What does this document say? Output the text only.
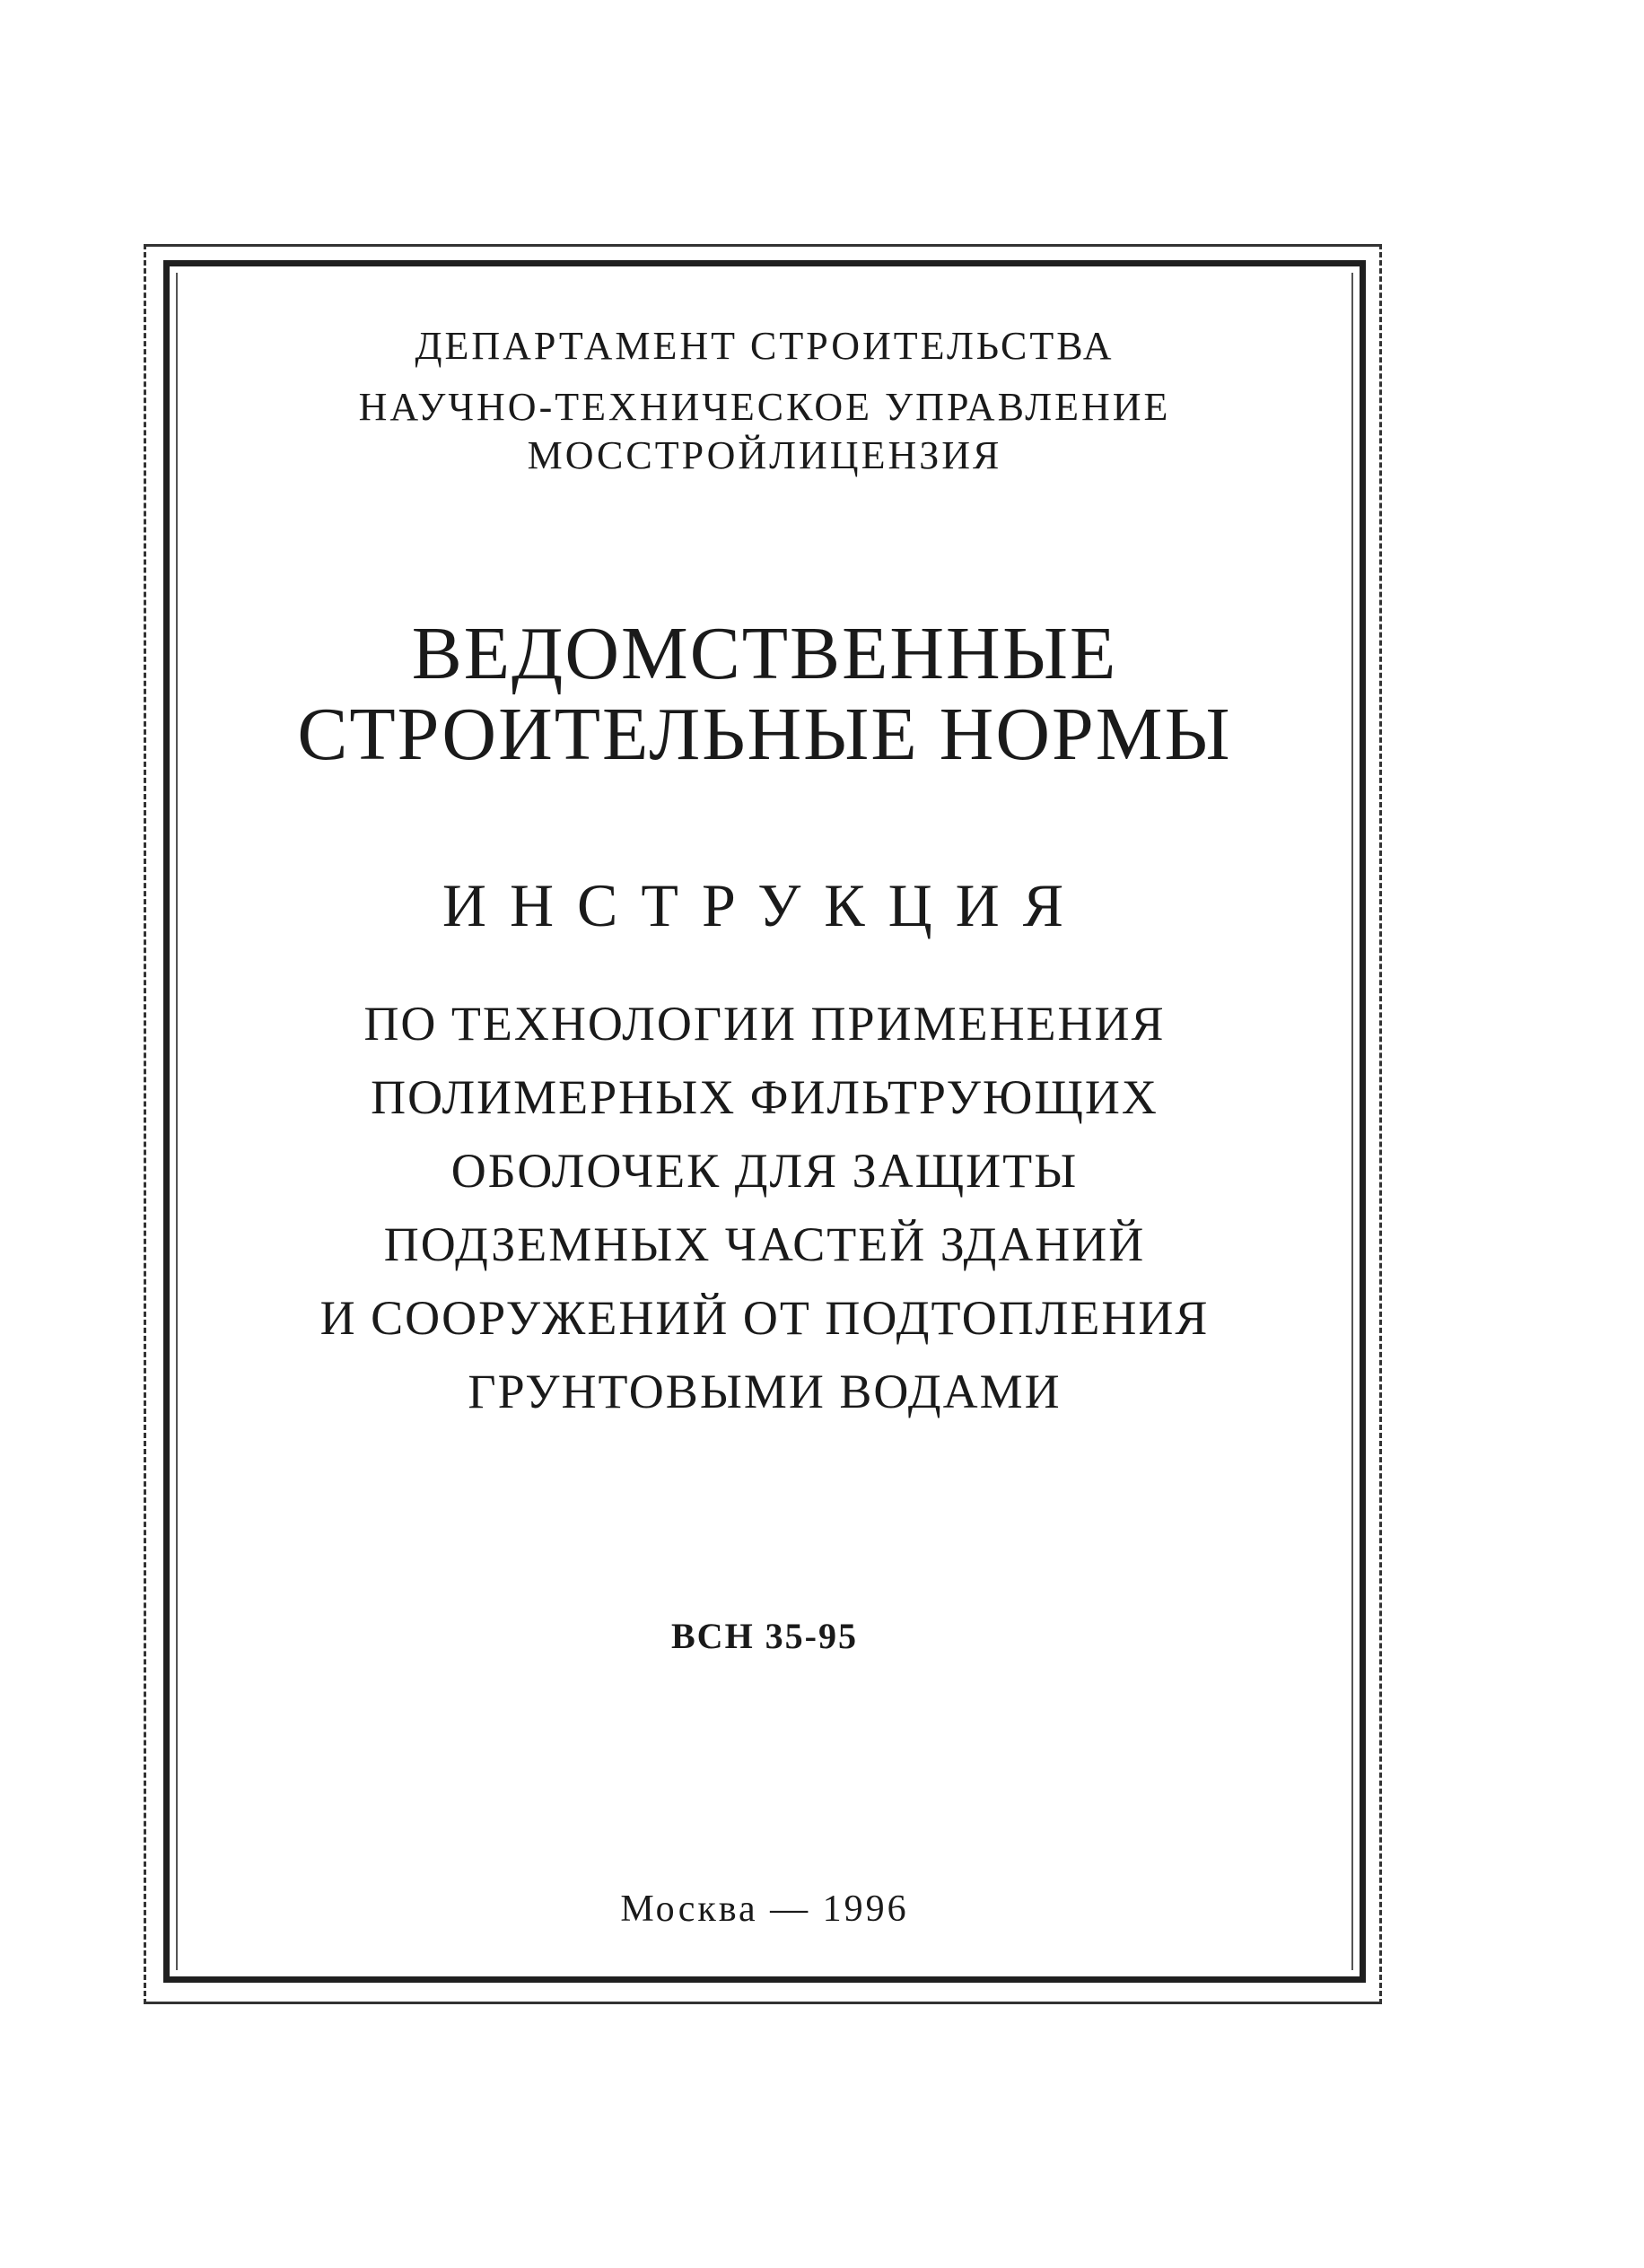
ДЕПАРТАМЕНТ СТРОИТЕЛЬСТВА
НАУЧНО-ТЕХНИЧЕСКОЕ УПРАВЛЕНИЕ
МОССТРОЙЛИЦЕНЗИЯ
ВЕДОМСТВЕННЫЕ
СТРОИТЕЛЬНЫЕ НОРМЫ
ИНСТРУКЦИЯ
ПО ТЕХНОЛОГИИ ПРИМЕНЕНИЯ
ПОЛИМЕРНЫХ ФИЛЬТРУЮЩИХ
ОБОЛОЧЕК ДЛЯ ЗАЩИТЫ
ПОДЗЕМНЫХ ЧАСТЕЙ ЗДАНИЙ
И СООРУЖЕНИЙ ОТ ПОДТОПЛЕНИЯ
ГРУНТОВЫМИ ВОДАМИ
ВСН 35-95
Москва — 1996
